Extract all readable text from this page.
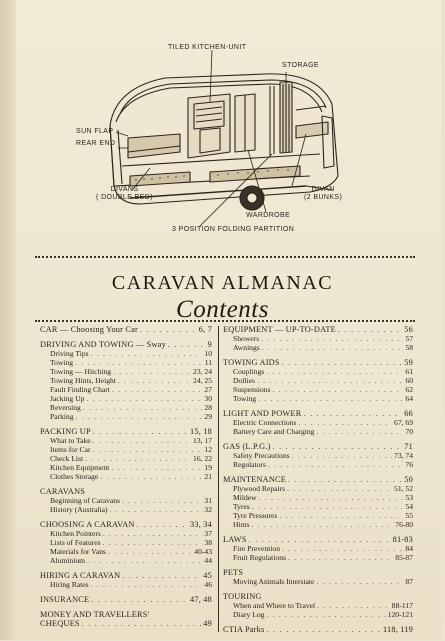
TILED KITCHEN-UNIT
STORAGE
SUN FLAP
REAR END
DIVANS
( DOUBLE BED)
DIVAN
(2 BUNKS)
WARDROBE
3 POSITION FOLDING PARTITION
CARAVAN ALMANAC
Contents
CAR — Choosing Your Car . . .	6, 7
DRIVING AND TOWING — Sway . . .	9
Driving Tips . . .	10
Towing . . .	11
Towing — Hitching . . .	23, 24
Towing Hints, Height . . .	24, 25
Fault Finding Chart . . .	27
Jacking Up . . .	30
Reversing . . .	28
Parking . . .	29
PACKING UP . . .	15, 18
What to Take . . .	13, 17
Items for Car . . .	12
Check List . . .	16, 22
Kitchen Equipment . . .	19
Clothes Storage . . .	21
CARAVANS
Beginning of Caravans . . .	31
History (Australia) . . .	32
CHOOSING A CARAVAN . . .	33, 34
Kitchen Pointers . . .	37
Lists of Features . . .	38
Materials for Vans . . .	40-43
Aluminium . . .	44
HIRING A CARAVAN . . .	45
Hiring Rates . . .	46
INSURANCE . . .	47, 48
MONEY AND TRAVELLERS'
CHEQUES . . .	49
EQUIPMENT — UP-TO-DATE . . .	56
Showers . . .	57
Awnings . . .	58
TOWING AIDS . . .	59
Couplings . . .	61
Dollies . . .	60
Suspensions . . .	62
Towing . . .	64
LIGHT AND POWER . . .	66
Electric Connections . . .	67, 69
Battery Care and Charging . . .	70
GAS (L.P.G.) . . .	71
Safety Precautions . . .	73, 74
Regulators . . .	76
MAINTENANCE . . .	50
Plywood Repairs . . .	51, 52
Mildew . . .	53
Tyres . . .	54
Tyre Pressures . . .	55
Hints . . .	76-80
LAWS . . .	81-83
Fire Prevention . . .	84
Fruit Regulations . . .	85-87
PETS
Moving Animals Interstate . . .	87
TOURING
When and Where to Travel . . .	88-117
Diary Log . . .	120-121
CTIA Parks . . .	118, 119
